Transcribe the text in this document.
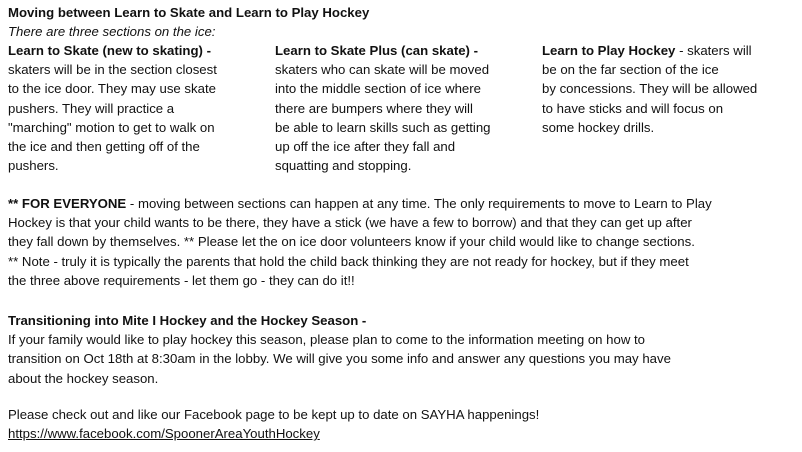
Moving between Learn to Skate and Learn to Play Hockey
There are three sections on the ice:
Learn to Skate (new to skating) -
skaters will be in the section closest
to the ice door. They may use skate
pushers. They will practice a
"marching" motion to get to walk on
the ice and then getting off of the
pushers.
Learn to Skate Plus (can skate) -
skaters who can skate will be moved
into the middle section of ice where
there are bumpers where they will
be able to learn skills such as getting
up off the ice after they fall and
squatting and stopping.
Learn to Play Hockey - skaters will
be on the far section of the ice
by concessions. They will be allowed
to have sticks and will focus on
some hockey drills.
** FOR EVERYONE - moving between sections can happen at any time. The only requirements to move to Learn to Play
Hockey is that your child wants to be there, they have a stick (we have a few to borrow) and that they can get up after
they fall down by themselves. ** Please let the on ice door volunteers know if your child would like to change sections.
** Note - truly it is typically the parents that hold the child back thinking they are not ready for hockey, but if they meet
the three above requirements - let them go - they can do it!!
Transitioning into Mite I Hockey and the Hockey Season -
If your family would like to play hockey this season, please plan to come to the information meeting on how to
transition on Oct 18th at 8:30am in the lobby. We will give you some info and answer any questions you may have
about the hockey season.
Please check out and like our Facebook page to be kept up to date on SAYHA happenings!
https://www.facebook.com/SpoonerAreaYouthHockey
